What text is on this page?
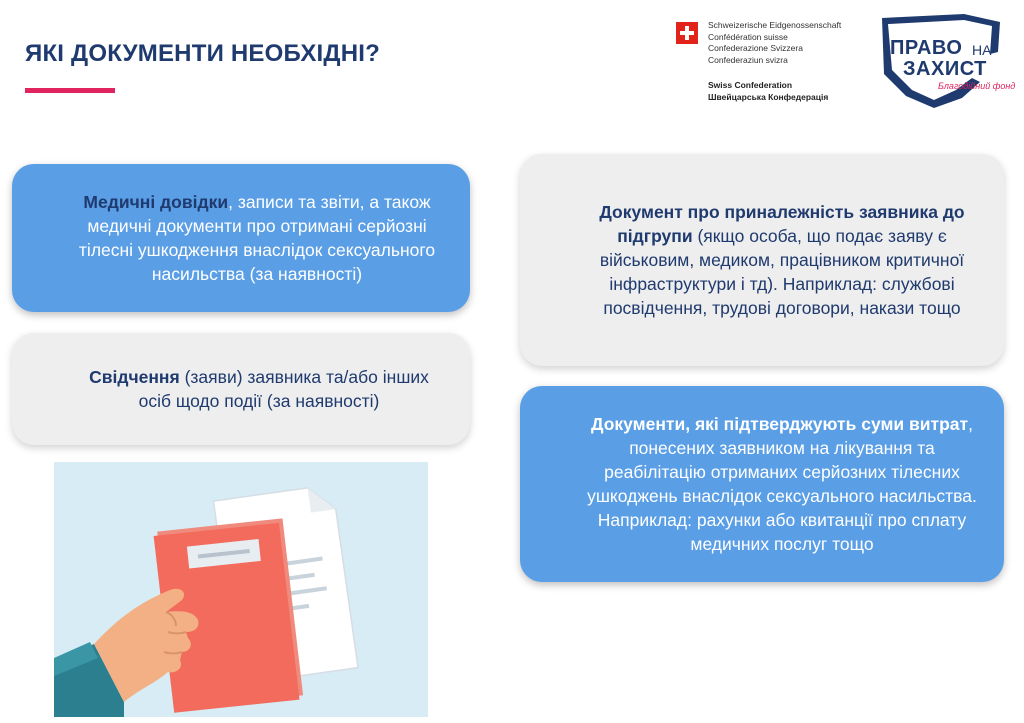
ЯКІ ДОКУМЕНТИ НЕОБХІДНІ?
Schweizerische Eidgenossenschaft
Confédération suisse
Confederazione Svizzera
Confederaziun svizra
Swiss Confederation
Швейцарська Конфедерація
ПРАВО НА
ЗАХИСТ
Благодійний фонд

Медичні довідки, записи та звіти, а також медичні документи про отримані серйозні тілесні ушкодження внаслідок сексуального насильства (за наявності)

Свідчення (заяви) заявника та/або інших осіб щодо події (за наявності)

Документ про приналежність заявника до підгрупи (якщо особа, що подає заяву є військовим, медиком, працівником критичної інфраструктури і тд). Наприклад: службові посвідчення, трудові договори, накази тощо

Документи, які підтверджують суми витрат, понесених заявником на лікування та реабілітацію отриманих серйозних тілесних ушкоджень внаслідок сексуального насильства. Наприклад: рахунки або квитанції про сплату медичних послуг тощо
